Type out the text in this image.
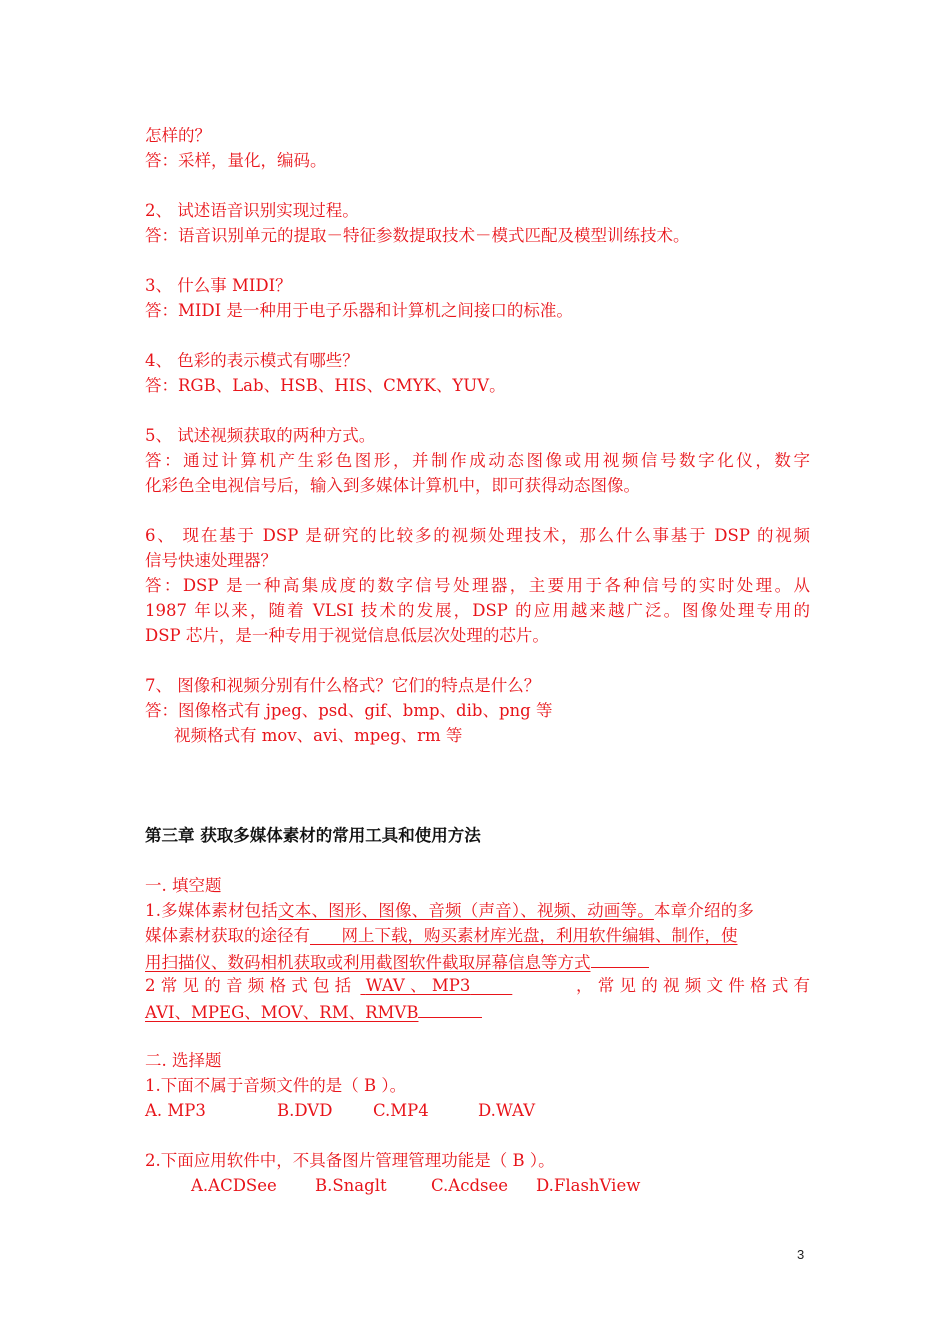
怎样的？
答：采样，量化，编码。
2、 试述语音识别实现过程。
答：语音识别单元的提取－特征参数提取技术－模式匹配及模型训练技术。
3、 什么事 MIDI？
答：MIDI 是一种用于电子乐器和计算机之间接口的标准。
4、 色彩的表示模式有哪些？
答：RGB、Lab、HSB、HIS、CMYK、YUV。
5、 试述视频获取的两种方式。
答：通过计算机产生彩色图形，并制作成动态图像或用视频信号数字化仪，数字
化彩色全电视信号后，输入到多媒体计算机中，即可获得动态图像。
6、 现在基于 DSP 是研究的比较多的视频处理技术，那么什么事基于 DSP 的视频
信号快速处理器？
答：DSP 是一种高集成度的数字信号处理器，主要用于各种信号的实时处理。从
1987 年以来，随着 VLSI 技术的发展，DSP 的应用越来越广泛。图像处理专用的
DSP 芯片，是一种专用于视觉信息低层次处理的芯片。
7、 图像和视频分别有什么格式？它们的特点是什么？
答：图像格式有 jpeg、psd、gif、bmp、dib、png 等
视频格式有 mov、avi、mpeg、rm 等
第三章 获取多媒体素材的常用工具和使用方法
一. 填空题
1.多媒体素材包括文本、图形、图像、音频（声音）、视频、动画等。本章介绍的多
媒体素材获取的途径有 网上下载，购买素材库光盘，利用软件编辑、制作，使
用扫描仪、数码相机获取或利用截图软件截取屏幕信息等方式
2 常 见 的 音 频 格 式 包 括 WAV 、 MP3	， 常 见 的 视 频 文 件 格 式 有
AVI、MPEG、MOV、RM、RMVB
二. 选择题
1.下面不属于音频文件的是（ B ）。
A. MP3	B.DVD C.MP4	D.WAV
2.下面应用软件中，不具备图片管理管理功能是（ B ）。
A.ACDSee B.Snaglt	C.Acdsee D.FlashView
3
